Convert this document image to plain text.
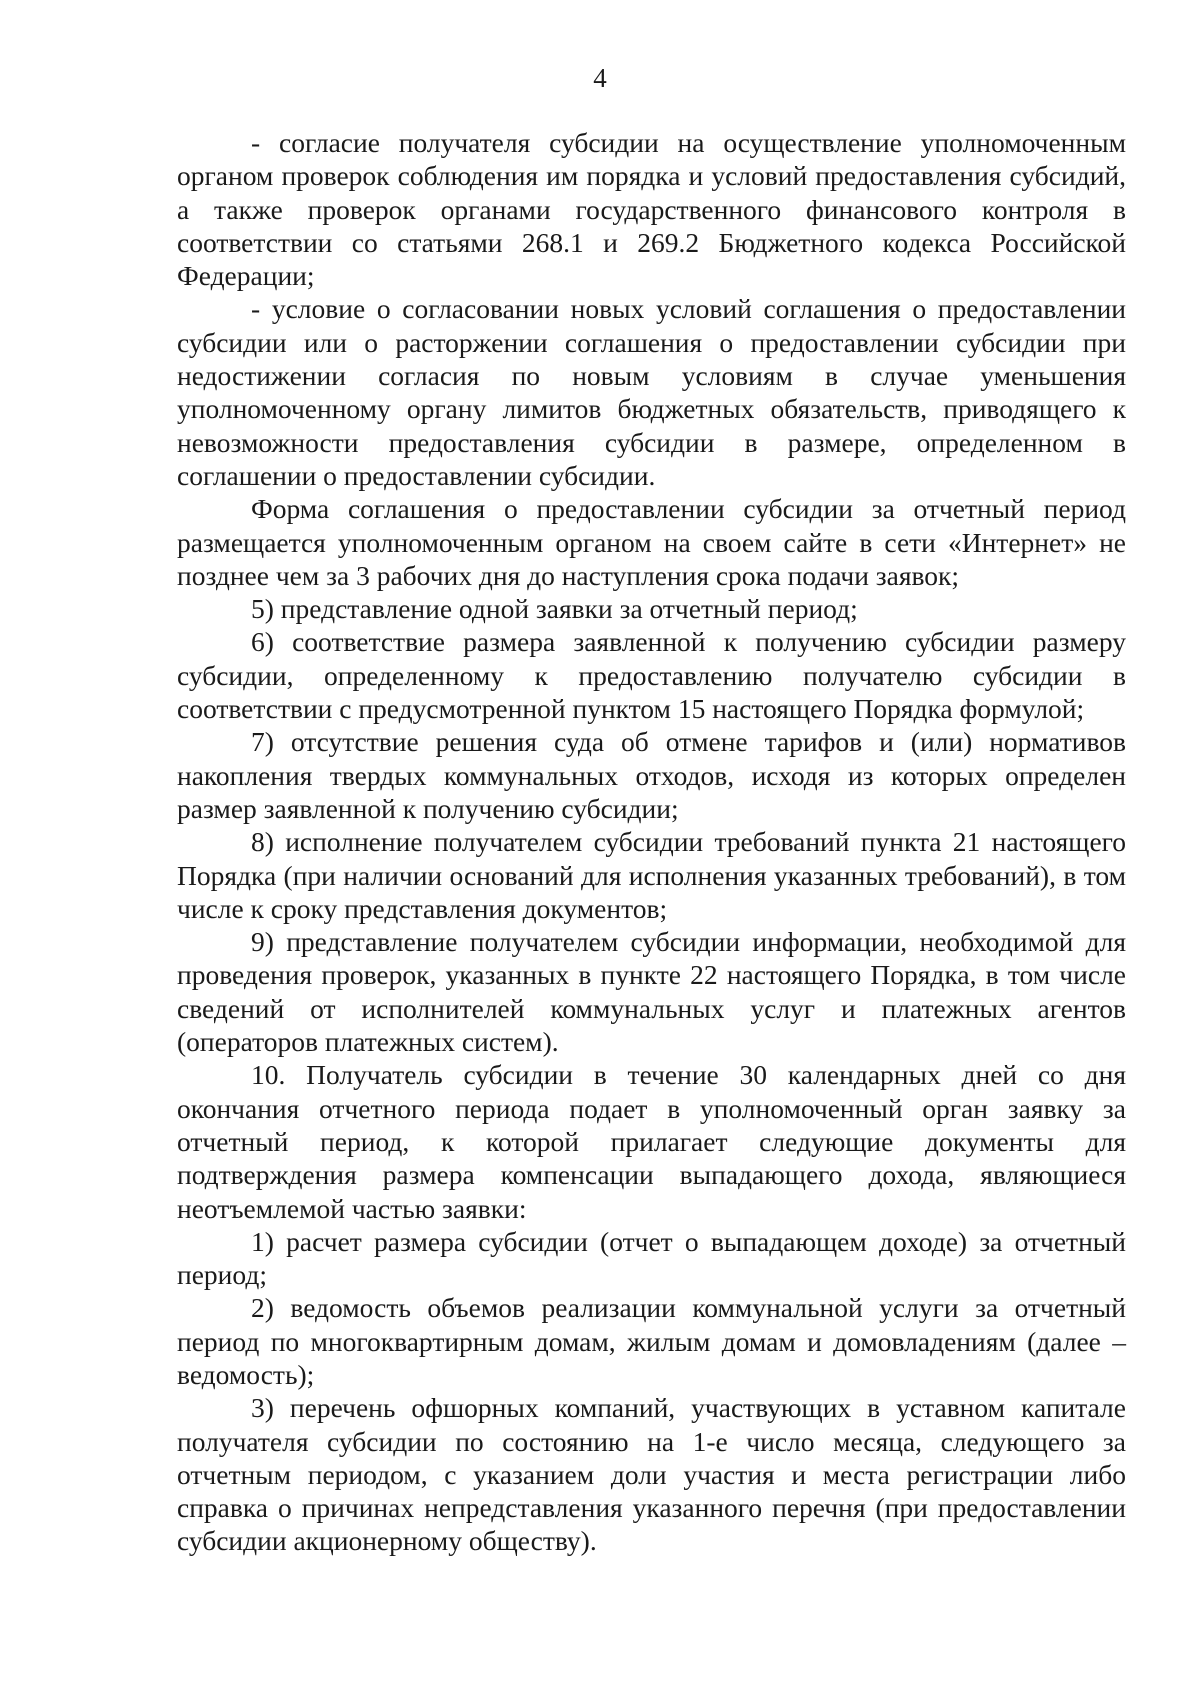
4

- согласие получателя субсидии на осуществление уполномоченным органом проверок соблюдения им порядка и условий предоставления субсидий, а также проверок органами государственного финансового контроля в соответствии со статьями 268.1 и 269.2 Бюджетного кодекса Российской Федерации;

- условие о согласовании новых условий соглашения о предоставлении субсидии или о расторжении соглашения о предоставлении субсидии при недостижении согласия по новым условиям в случае уменьшения уполномоченному органу лимитов бюджетных обязательств, приводящего к невозможности предоставления субсидии в размере, определенном в соглашении о предоставлении субсидии.

Форма соглашения о предоставлении субсидии за отчетный период размещается уполномоченным органом на своем сайте в сети «Интернет» не позднее чем за 3 рабочих дня до наступления срока подачи заявок;

5) представление одной заявки за отчетный период;

6) соответствие размера заявленной к получению субсидии размеру субсидии, определенному к предоставлению получателю субсидии в соответствии с предусмотренной пунктом 15 настоящего Порядка формулой;

7) отсутствие решения суда об отмене тарифов и (или) нормативов накопления твердых коммунальных отходов, исходя из которых определен размер заявленной к получению субсидии;

8) исполнение получателем субсидии требований пункта 21 настоящего Порядка (при наличии оснований для исполнения указанных требований), в том числе к сроку представления документов;

9) представление получателем субсидии информации, необходимой для проведения проверок, указанных в пункте 22 настоящего Порядка, в том числе сведений от исполнителей коммунальных услуг и платежных агентов (операторов платежных систем).

10. Получатель субсидии в течение 30 календарных дней со дня окончания отчетного периода подает в уполномоченный орган заявку за отчетный период, к которой прилагает следующие документы для подтверждения размера компенсации выпадающего дохода, являющиеся неотъемлемой частью заявки:

1) расчет размера субсидии (отчет о выпадающем доходе) за отчетный период;

2) ведомость объемов реализации коммунальной услуги за отчетный период по многоквартирным домам, жилым домам и домовладениям (далее – ведомость);

3) перечень офшорных компаний, участвующих в уставном капитале получателя субсидии по состоянию на 1-е число месяца, следующего за отчетным периодом, с указанием доли участия и места регистрации либо справка о причинах непредставления указанного перечня (при предоставлении субсидии акционерному обществу).
